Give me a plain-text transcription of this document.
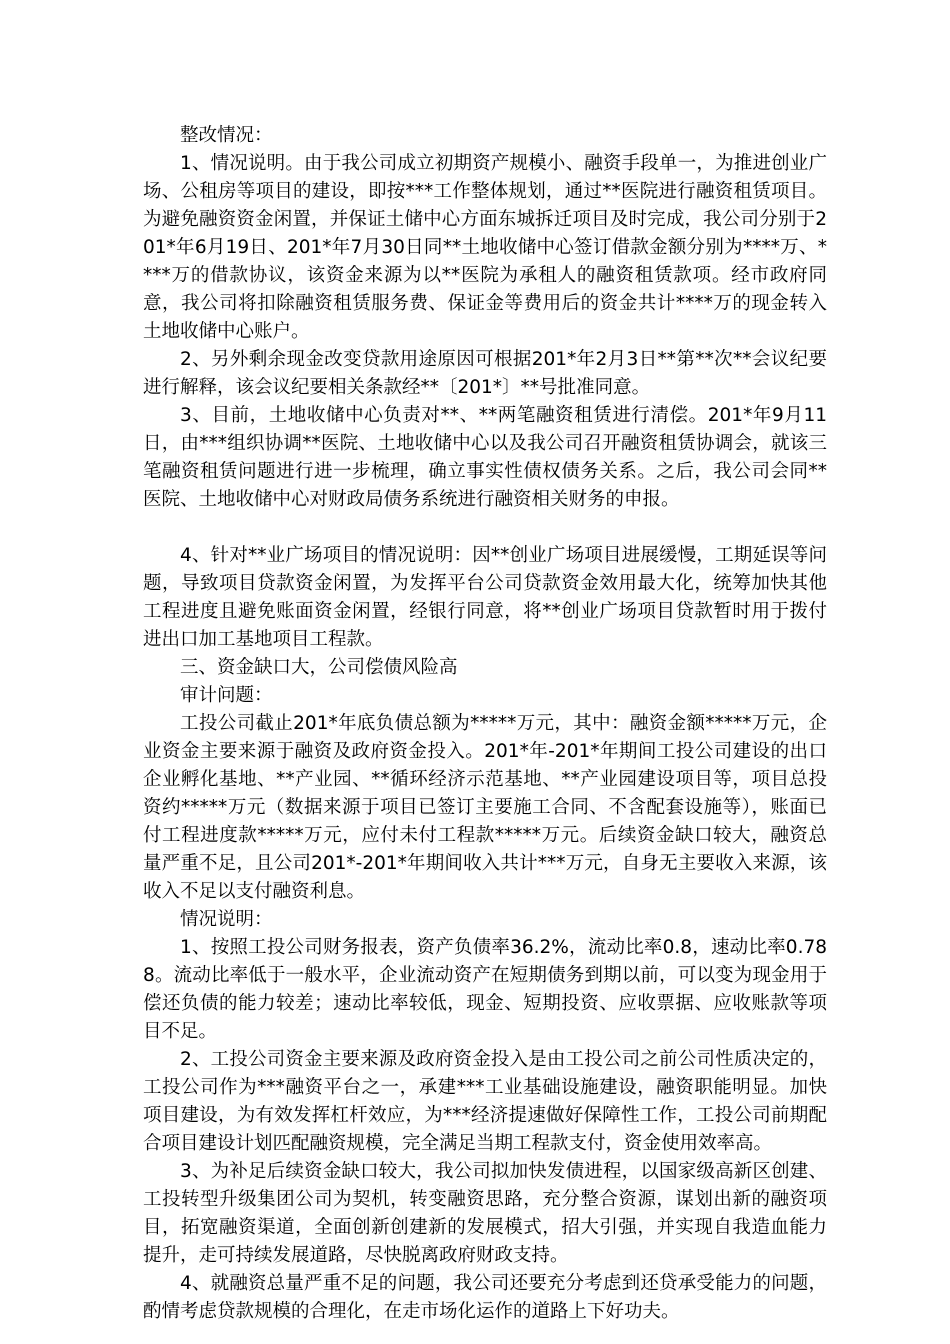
整改情况：

1、情况说明。由于我公司成立初期资产规模小、融资手段单一，为推进创业广场、公租房等项目的建设，即按***工作整体规划，通过**医院进行融资租赁项目。为避免融资资金闲置，并保证土储中心方面东城拆迁项目及时完成，我公司分别于201*年6月19日、201*年7月30日同**土地收储中心签订借款金额分别为****万、****万的借款协议，该资金来源为以**医院为承租人的融资租赁款项。经市政府同意，我公司将扣除融资租赁服务费、保证金等费用后的资金共计****万的现金转入土地收储中心账户。

2、另外剩余现金改变贷款用途原因可根据201*年2月3日**第**次**会议纪要进行解释，该会议纪要相关条款经**〔201*〕**号批准同意。

3、目前，土地收储中心负责对**、**两笔融资租赁进行清偿。201*年9月11日，由***组织协调**医院、土地收储中心以及我公司召开融资租赁协调会，就该三笔融资租赁问题进行进一步梳理，确立事实性债权债务关系。之后，我公司会同**医院、土地收储中心对财政局债务系统进行融资相关财务的申报。

4、针对**业广场项目的情况说明：因**创业广场项目进展缓慢，工期延误等问题，导致项目贷款资金闲置，为发挥平台公司贷款资金效用最大化，统筹加快其他工程进度且避免账面资金闲置，经银行同意，将**创业广场项目贷款暂时用于拨付进出口加工基地项目工程款。

三、资金缺口大，公司偿债风险高

审计问题：

工投公司截止201*年底负债总额为*****万元，其中：融资金额*****万元，企业资金主要来源于融资及政府资金投入。201*年-201*年期间工投公司建设的出口企业孵化基地、**产业园、**循环经济示范基地、**产业园建设项目等，项目总投资约*****万元（数据来源于项目已签订主要施工合同、不含配套设施等），账面已付工程进度款*****万元，应付未付工程款*****万元。后续资金缺口较大，融资总量严重不足，且公司201*-201*年期间收入共计***万元，自身无主要收入来源，该收入不足以支付融资利息。

情况说明：

1、按照工投公司财务报表，资产负债率36.2%，流动比率0.8，速动比率0.788。流动比率低于一般水平，企业流动资产在短期债务到期以前，可以变为现金用于偿还负债的能力较差；速动比率较低，现金、短期投资、应收票据、应收账款等项目不足。

2、工投公司资金主要来源及政府资金投入是由工投公司之前公司性质决定的，工投公司作为***融资平台之一，承建***工业基础设施建设，融资职能明显。加快项目建设，为有效发挥杠杆效应，为***经济提速做好保障性工作，工投公司前期配合项目建设计划匹配融资规模，完全满足当期工程款支付，资金使用效率高。

3、为补足后续资金缺口较大，我公司拟加快发债进程，以国家级高新区创建、工投转型升级集团公司为契机，转变融资思路，充分整合资源，谋划出新的融资项目，拓宽融资渠道，全面创新创建新的发展模式，招大引强，并实现自我造血能力提升，走可持续发展道路，尽快脱离政府财政支持。

4、就融资总量严重不足的问题，我公司还要充分考虑到还贷承受能力的问题，酌情考虑贷款规模的合理化，在走市场化运作的道路上下好功夫。
